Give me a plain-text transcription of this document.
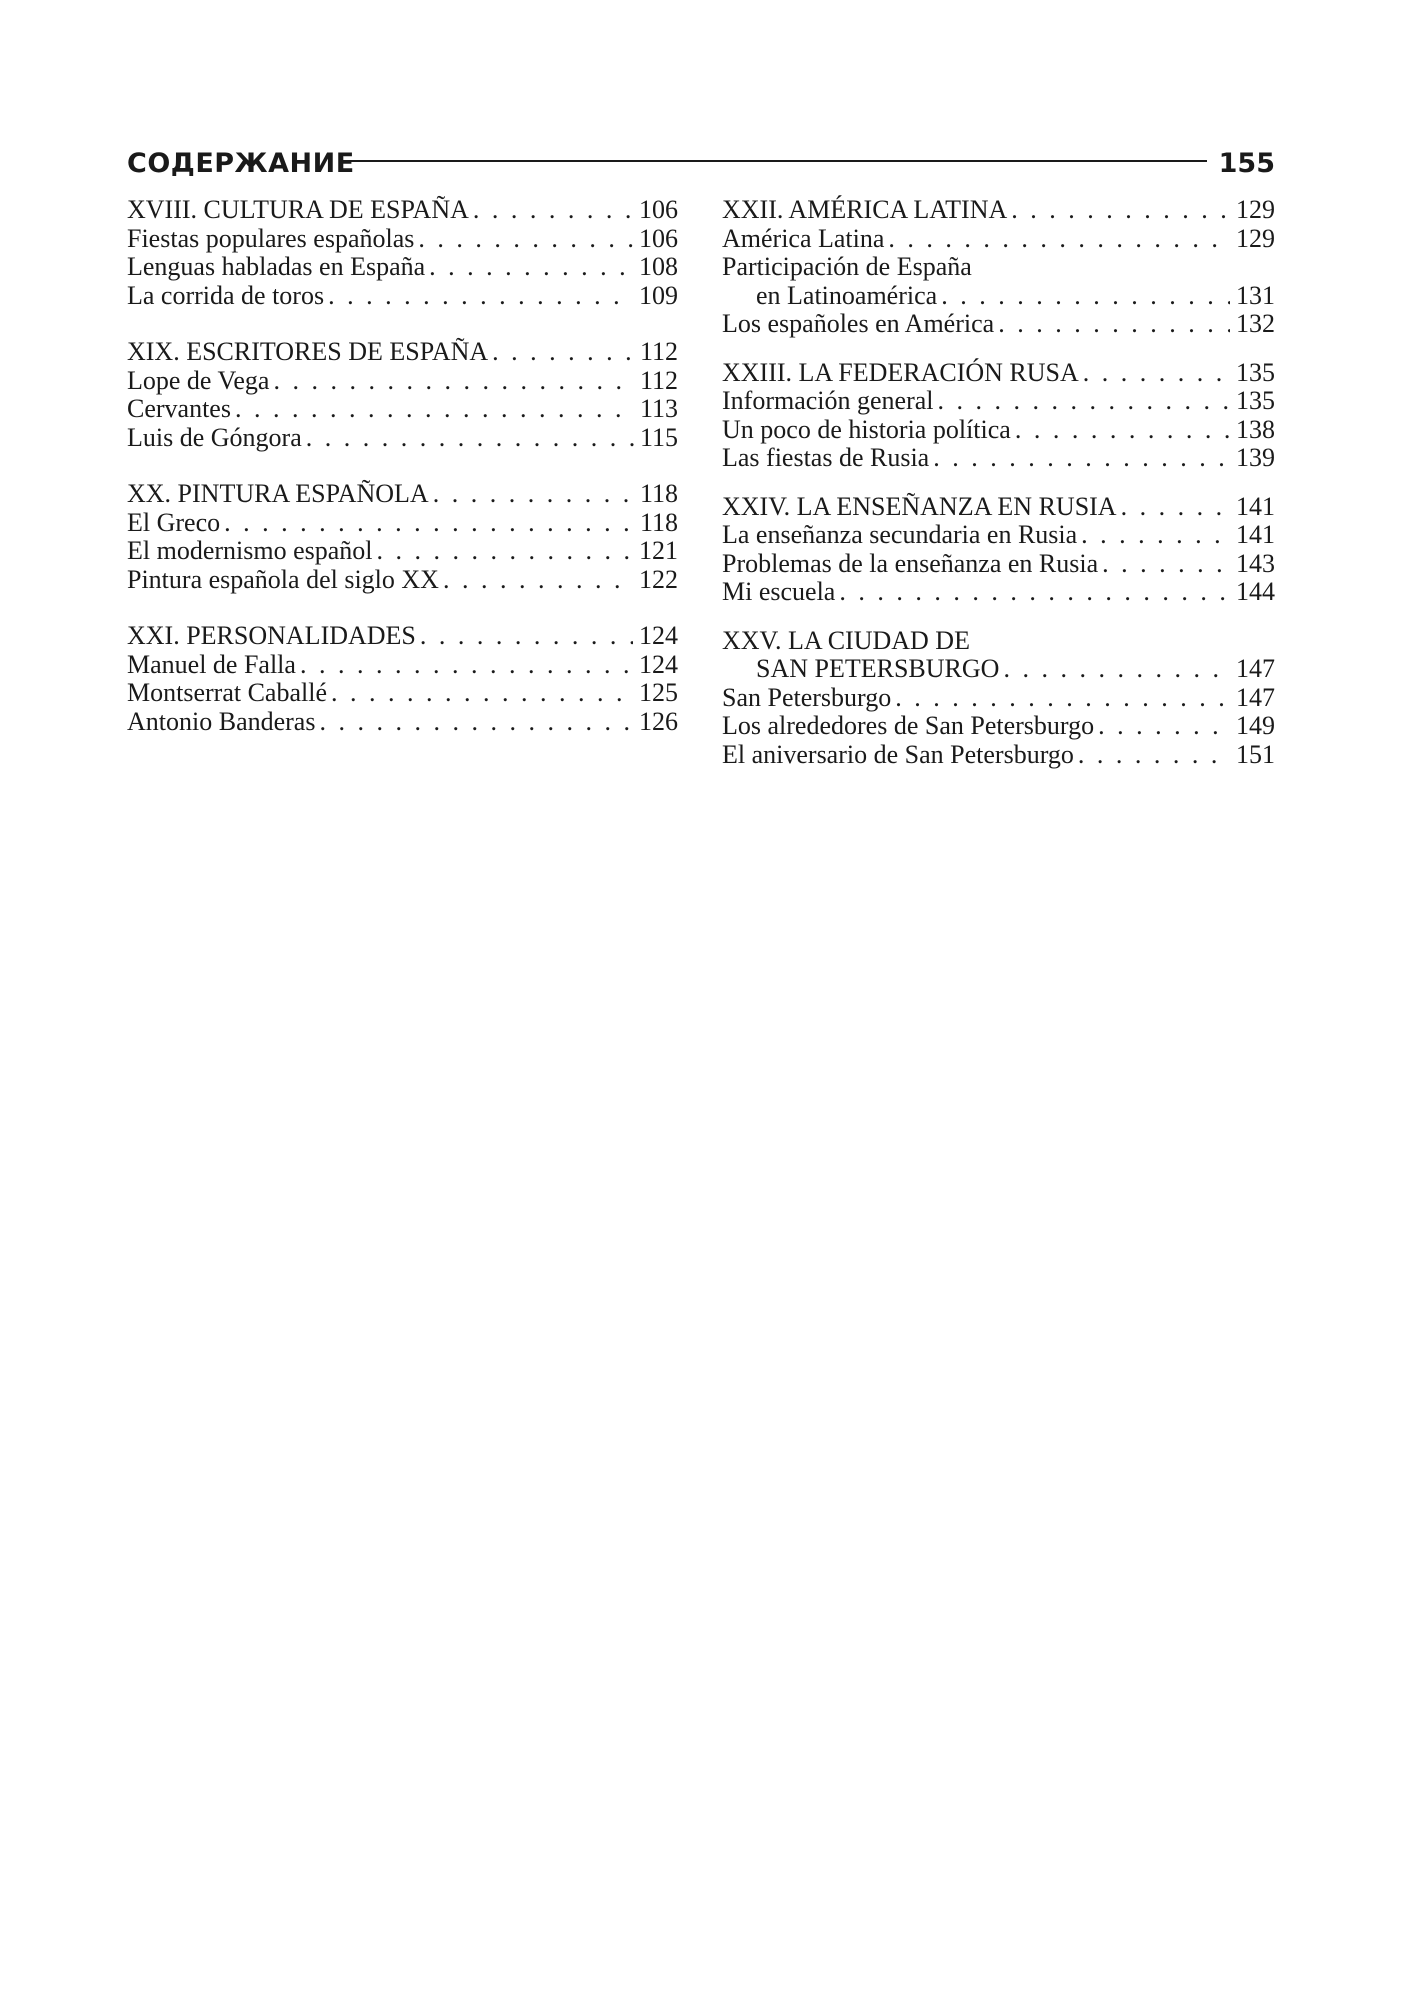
СОДЕРЖАНИЕ	155
XVIII. CULTURA DE ESPAÑA . . .	106
Fiestas populares españolas . . .	106
Lenguas habladas en España . . .	108
La corrida de toros . . .	109
XIX. ESCRITORES DE ESPAÑA . . .	112
Lope de Vega . . .	112
Cervantes . . .	113
Luis de Góngora . . .	115
XX. PINTURA ESPAÑOLA . . .	118
El Greco . . .	118
El modernismo español . . .	121
Pintura española del siglo XX . . .	122
XXI. PERSONALIDADES . . .	124
Manuel de Falla . . .	124
Montserrat Caballé . . .	125
Antonio Banderas . . .	126
XXII. AMÉRICA LATINA . . .	129
América Latina . . .	129
Participación de España
en Latinoamérica . . .	131
Los españoles en América . . .	132
XXIII. LA FEDERACIÓN RUSA . . .	135
Información general . . .	135
Un poco de historia política . . .	138
Las fiestas de Rusia . . .	139
XXIV. LA ENSEÑANZA EN RUSIA . . .	141
La enseñanza secundaria en Rusia . . .	141
Problemas de la enseñanza en Rusia . . .	143
Mi escuela . . .	144
XXV. LA CIUDAD DE
SAN PETERSBURGO . . .	147
San Petersburgo . . .	147
Los alrededores de San Petersburgo . . .	149
El aniversario de San Petersburgo . . .	151
